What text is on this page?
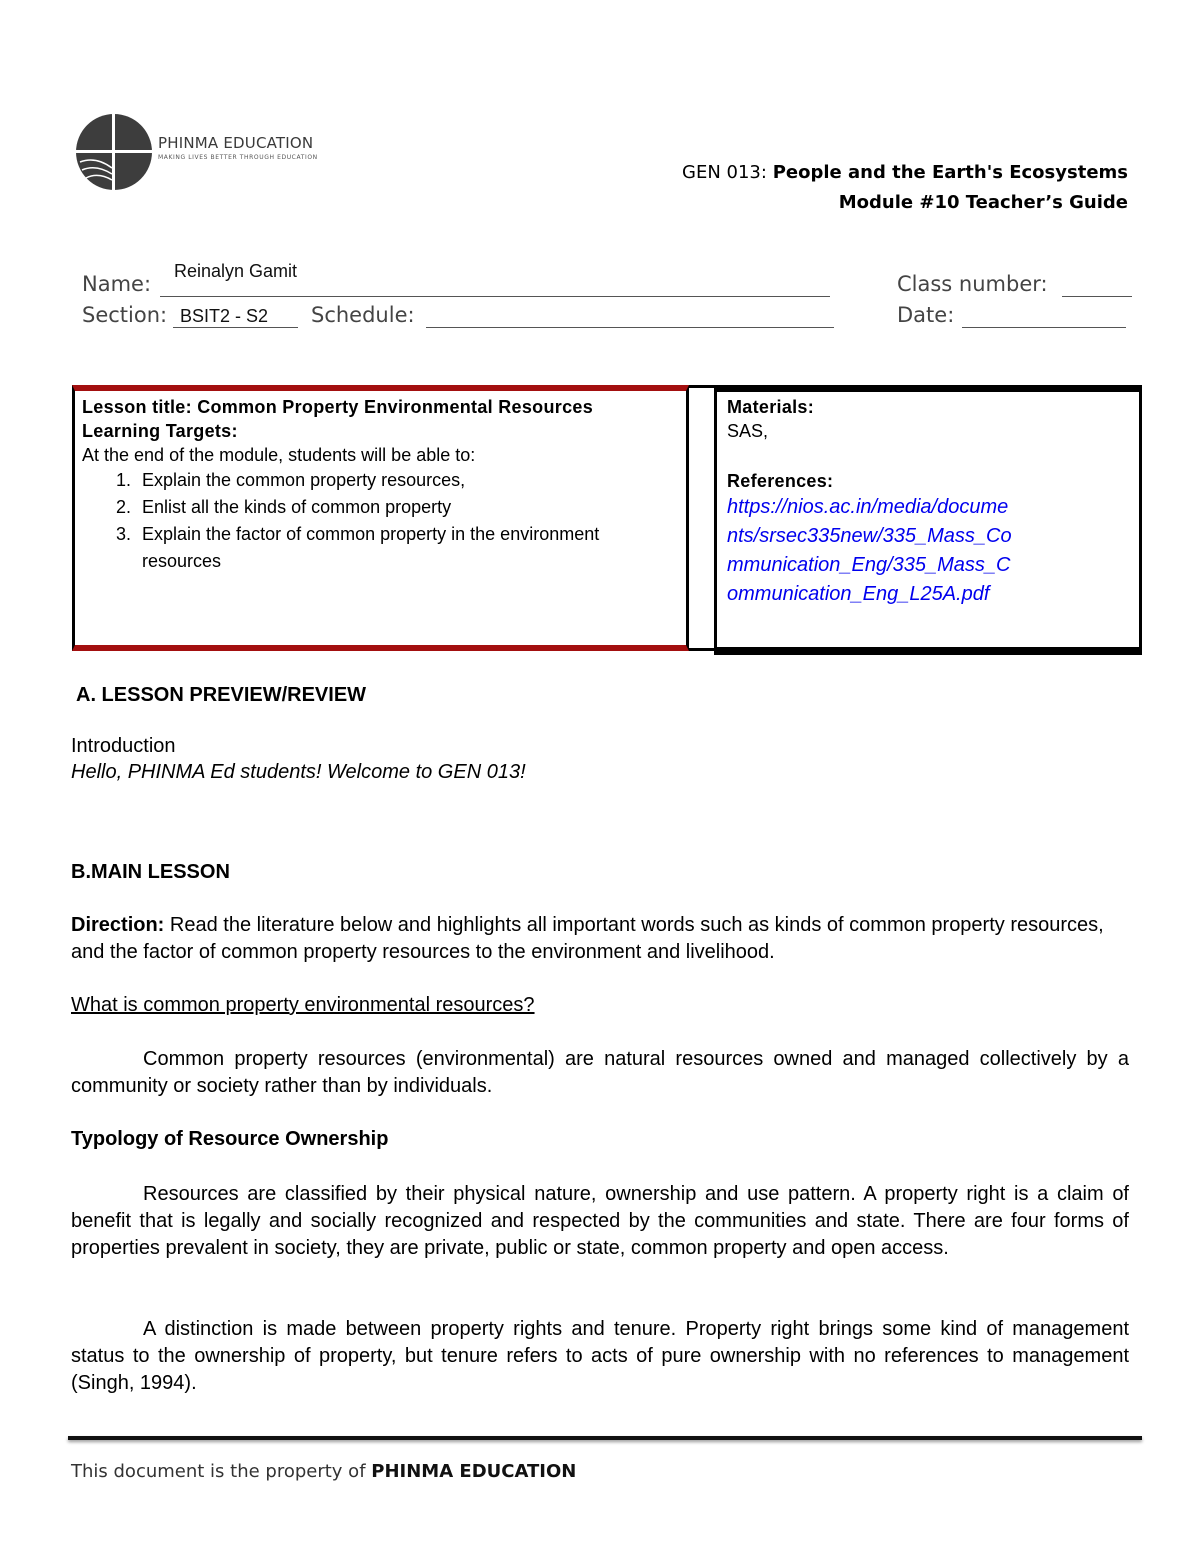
PHINMA EDUCATION
MAKING LIVES BETTER THROUGH EDUCATION
GEN 013: People and the Earth's Ecosystems
Module #10 Teacher’s Guide
Name:
Reinalyn Gamit
Class number:
Section: BSIT2 - S2 Schedule:	Date:
Lesson title: Common Property Environmental Resources
Learning Targets:
At the end of the module, students will be able to:
1. Explain the common property resources,
2. Enlist all the kinds of common property
3. Explain the factor of common property in the environment resources
Materials:
SAS,
References:
https://nios.ac.in/media/docume
nts/srsec335new/335_Mass_Co
mmunication_Eng/335_Mass_C
ommunication_Eng_L25A.pdf
A. LESSON PREVIEW/REVIEW
Introduction
Hello, PHINMA Ed students! Welcome to GEN 013!
B.MAIN LESSON
Direction: Read the literature below and highlights all important words such as kinds of common property resources, and the factor of common property resources to the environment and livelihood.
What is common property environmental resources?
Common property resources (environmental) are natural resources owned and managed collectively by a community or society rather than by individuals.
Typology of Resource Ownership
Resources are classified by their physical nature, ownership and use pattern. A property right is a claim of benefit that is legally and socially recognized and respected by the communities and state. There are four forms of properties prevalent in society, they are private, public or state, common property and open access.
A distinction is made between property rights and tenure. Property right brings some kind of management status to the ownership of property, but tenure refers to acts of pure ownership with no references to management (Singh, 1994).
This document is the property of PHINMA EDUCATION
